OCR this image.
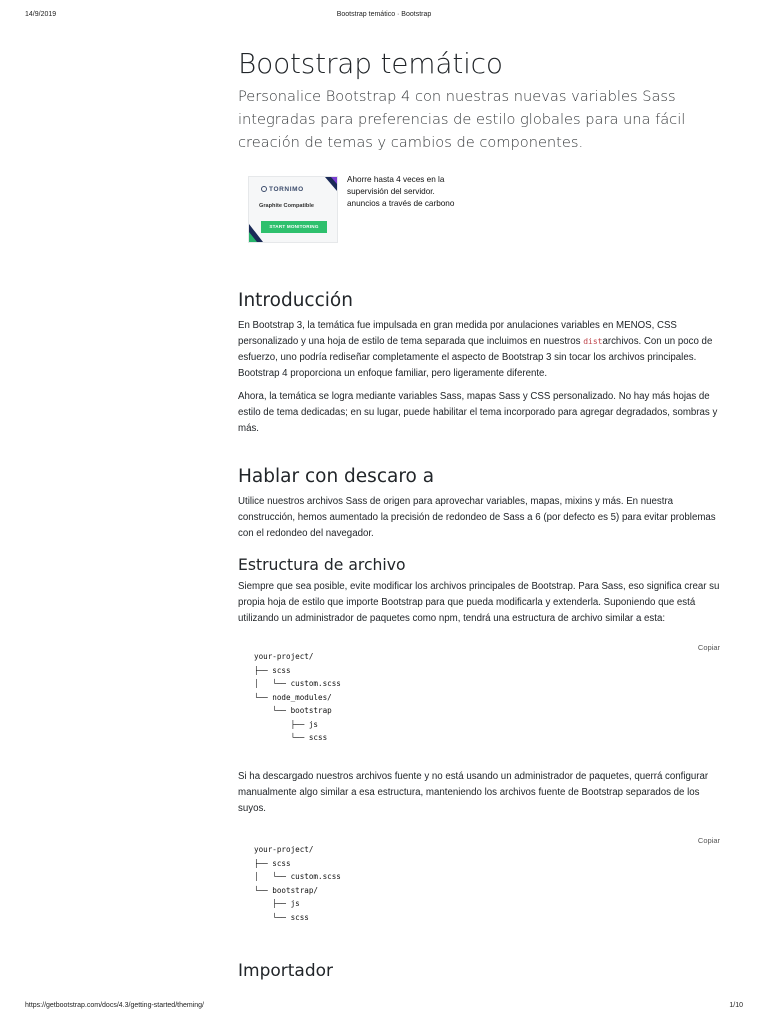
14/9/2019	Bootstrap temático · Bootstrap
Bootstrap temático

Personalice Bootstrap 4 con nuestras nuevas variables Sass integradas para preferencias de estilo globales para una fácil creación de temas y cambios de componentes.

TORNIMO
Graphite Compatible
START MONITORING
Ahorre hasta 4 veces en la supervisión del servidor.
anuncios a través de carbono
Introducción

En Bootstrap 3, la temática fue impulsada en gran medida por anulaciones variables en MENOS, CSS personalizado y una hoja de estilo de tema separada que incluimos en nuestros distarchivos. Con un poco de esfuerzo, uno podría rediseñar completamente el aspecto de Bootstrap 3 sin tocar los archivos principales. Bootstrap 4 proporciona un enfoque familiar, pero ligeramente diferente.

Ahora, la temática se logra mediante variables Sass, mapas Sass y CSS personalizado. No hay más hojas de estilo de tema dedicadas; en su lugar, puede habilitar el tema incorporado para agregar degradados, sombras y más.

Hablar con descaro a

Utilice nuestros archivos Sass de origen para aprovechar variables, mapas, mixins y más. En nuestra construcción, hemos aumentado la precisión de redondeo de Sass a 6 (por defecto es 5) para evitar problemas con el redondeo del navegador.

Estructura de archivo

Siempre que sea posible, evite modificar los archivos principales de Bootstrap. Para Sass, eso significa crear su propia hoja de estilo que importe Bootstrap para que pueda modificarla y extenderla. Suponiendo que está utilizando un administrador de paquetes como npm, tendrá una estructura de archivo similar a esta:

Copiar
your-project/
├── scss
│   └── custom.scss
└── node_modules/
└── bootstrap
├── js
└── scss

Si ha descargado nuestros archivos fuente y no está usando un administrador de paquetes, querrá configurar manualmente algo similar a esa estructura, manteniendo los archivos fuente de Bootstrap separados de los suyos.

Copiar
your-project/
├── scss
│   └── custom.scss
└── bootstrap/
├── js
└── scss
Importador
https://getbootstrap.com/docs/4.3/getting-started/theming/	1/10
